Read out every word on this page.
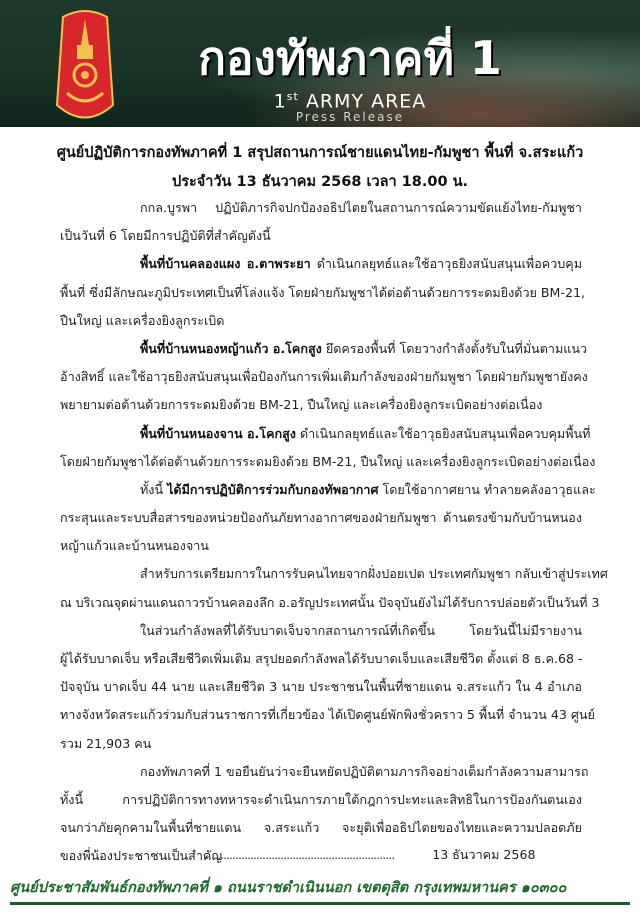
กองทัพภาคที่ 1
1st ARMY AREA
Press Release
ศูนย์ปฏิบัติการกองทัพภาคที่ 1 สรุปสถานการณ์ชายแดนไทย-กัมพูชา พื้นที่ จ.สระแก้ว
ประจำวัน 13 ธันวาคม 2568 เวลา 18.00 น.
กกล.บูรพา ปฏิบัติภารกิจปกป้องอธิปไตยในสถานการณ์ความขัดแย้งไทย-กัมพูชา
เป็นวันที่ 6 โดยมีการปฏิบัติที่สำคัญดังนี้
พื้นที่บ้านคลองแผง อ.ตาพระยา ดำเนินกลยุทธ์และใช้อาวุธยิงสนับสนุนเพื่อควบคุม
พื้นที่ ซึ่งมีลักษณะภูมิประเทศเป็นที่โล่งแจ้ง โดยฝ่ายกัมพูชาได้ต่อต้านด้วยการระดมยิงด้วย BM-21,
ปืนใหญ่ และเครื่องยิงลูกระเบิด
พื้นที่บ้านหนองหญ้าแก้ว อ.โคกสูง ยึดครองพื้นที่ โดยวางกำลังตั้งรับในที่มั่นตามแนว
อ้างสิทธิ์ และใช้อาวุธยิงสนับสนุนเพื่อป้องกันการเพิ่มเติมกำลังของฝ่ายกัมพูชา โดยฝ่ายกัมพูชายังคง
พยายามต่อต้านด้วยการระดมยิงด้วย BM-21, ปืนใหญ่ และเครื่องยิงลูกระเบิดอย่างต่อเนื่อง
พื้นที่บ้านหนองจาน อ.โคกสูง ดำเนินกลยุทธ์และใช้อาวุธยิงสนับสนุนเพื่อควบคุมพื้นที่
โดยฝ่ายกัมพูชาได้ต่อต้านด้วยการระดมยิงด้วย BM-21, ปืนใหญ่ และเครื่องยิงลูกระเบิดอย่างต่อเนื่อง
ทั้งนี้ ได้มีการปฏิบัติการร่วมกับกองทัพอากาศ โดยใช้อากาศยาน ทำลายคลังอาวุธและ
กระสุนและระบบสื่อสารของหน่วยป้องกันภัยทางอากาศของฝ่ายกัมพูชา ด้านตรงข้ามกับบ้านหนอง
หญ้าแก้วและบ้านหนองจาน
สำหรับการเตรียมการในการรับคนไทยจากฝั่งปอยเปต ประเทศกัมพูชา กลับเข้าสู่ประเทศ
ณ บริเวณจุดผ่านแดนถาวรบ้านคลองลึก อ.อรัญประเทศนั้น ปัจจุบันยังไม่ได้รับการปล่อยตัวเป็นวันที่ 3
ในส่วนกำลังพลที่ได้รับบาดเจ็บจากสถานการณ์ที่เกิดขึ้น โดยวันนี้ไม่มีรายงาน
ผู้ได้รับบาดเจ็บ หรือเสียชีวิตเพิ่มเติม สรุปยอดกำลังพลได้รับบาดเจ็บและเสียชีวิต ตั้งแต่ 8 ธ.ค.68 -
ปัจจุบัน บาดเจ็บ 44 นาย และเสียชีวิต 3 นาย ประชาชนในพื้นที่ชายแดน จ.สระแก้ว ใน 4 อำเภอ
ทางจังหวัดสระแก้วร่วมกับส่วนราชการที่เกี่ยวข้อง ได้เปิดศูนย์พักพิงชั่วคราว 5 พื้นที่ จำนวน 43 ศูนย์
รวม 21,903 คน
กองทัพภาคที่ 1 ขอยืนยันว่าจะยืนหยัดปฏิบัติตามภารกิจอย่างเต็มกำลังความสามารถ
ทั้งนี้ การปฏิบัติการทางทหารจะดำเนินการภายใต้กฎการปะทะและสิทธิในการป้องกันตนเอง
จนกว่าภัยคุกคามในพื้นที่ชายแดน จ.สระแก้ว จะยุติเพื่ออธิปไตยของไทยและความปลอดภัย
ของพี่น้องประชาชนเป็นสำคัญ
...............................................................	13 ธันวาคม 2568
ศูนย์ประชาสัมพันธ์กองทัพภาคที่ ๑ ถนนราชดำเนินนอก เขตดุสิต กรุงเทพมหานคร ๑๐๓๐๐
